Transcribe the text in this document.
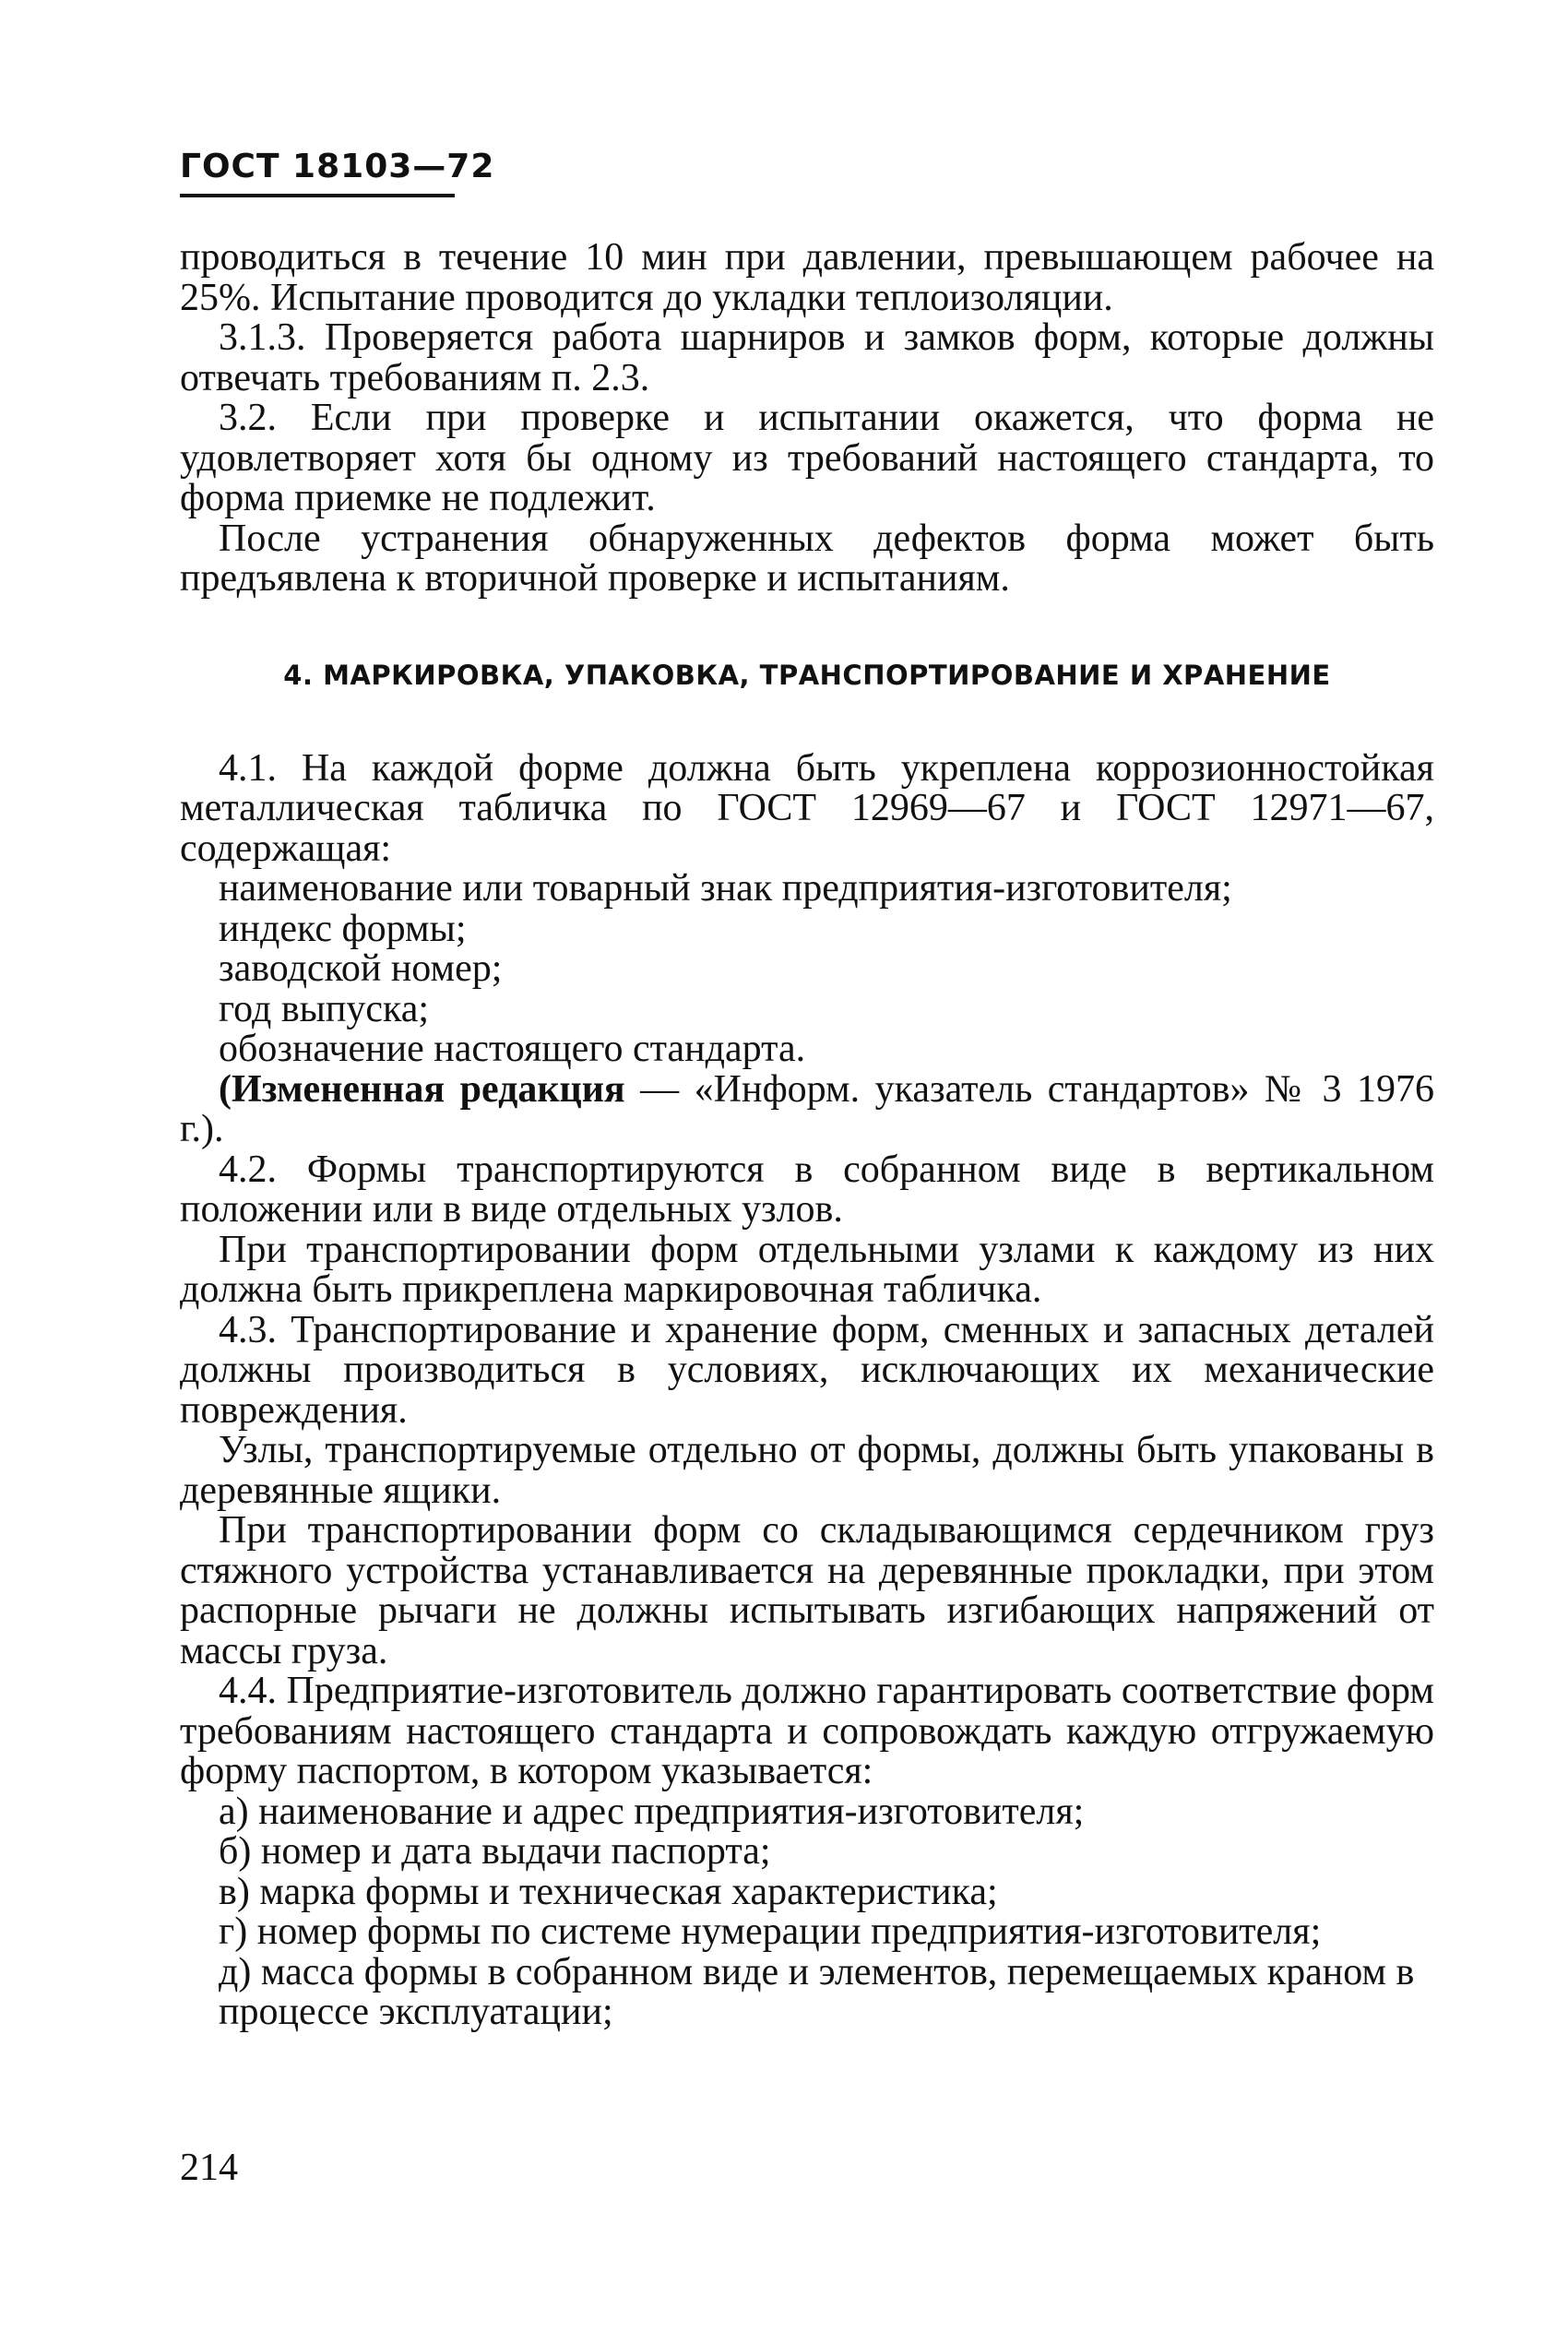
ГОСТ 18103—72

проводиться в течение 10 мин при давлении, превышающем рабочее на 25%. Испытание проводится до укладки теплоизоляции.

3.1.3. Проверяется работа шарниров и замков форм, которые должны отвечать требованиям п. 2.3.

3.2. Если при проверке и испытании окажется, что форма не удовлетворяет хотя бы одному из требований настоящего стандарта, то форма приемке не подлежит.

После устранения обнаруженных дефектов форма может быть предъявлена к вторичной проверке и испытаниям.

4. МАРКИРОВКА, УПАКОВКА, ТРАНСПОРТИРОВАНИЕ И ХРАНЕНИЕ

4.1. На каждой форме должна быть укреплена коррозионностойкая металлическая табличка по ГОСТ 12969—67 и ГОСТ 12971—67, содержащая:

наименование или товарный знак предприятия-изготовителя;

индекс формы;

заводской номер;

год выпуска;

обозначение настоящего стандарта.

(Измененная редакция — «Информ. указатель стандартов» № 3 1976 г.).

4.2. Формы транспортируются в собранном виде в вертикальном положении или в виде отдельных узлов.

При транспортировании форм отдельными узлами к каждому из них должна быть прикреплена маркировочная табличка.

4.3. Транспортирование и хранение форм, сменных и запасных деталей должны производиться в условиях, исключающих их механические повреждения.

Узлы, транспортируемые отдельно от формы, должны быть упакованы в деревянные ящики.

При транспортировании форм со складывающимся сердечником груз стяжного устройства устанавливается на деревянные прокладки, при этом распорные рычаги не должны испытывать изгибающих напряжений от массы груза.

4.4. Предприятие-изготовитель должно гарантировать соответствие форм требованиям настоящего стандарта и сопровождать каждую отгружаемую форму паспортом, в котором указывается:

а) наименование и адрес предприятия-изготовителя;

б) номер и дата выдачи паспорта;

в) марка формы и техническая характеристика;

г) номер формы по системе нумерации предприятия-изготовителя;

д) масса формы в собранном виде и элементов, перемещаемых краном в процессе эксплуатации;

214
